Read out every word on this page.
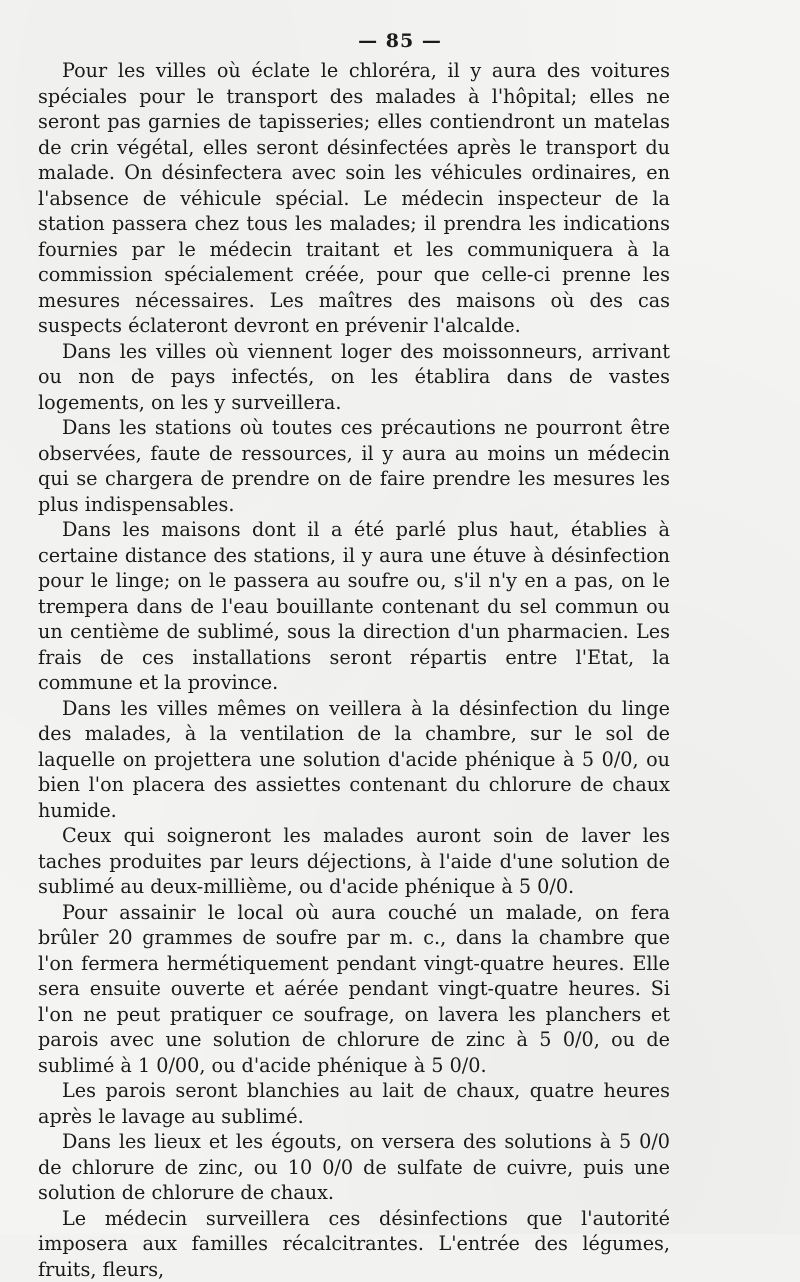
— 85 —

Pour les villes où éclate le chloréra, il y aura des voitures spéciales pour le transport des malades à l'hôpital; elles ne seront pas garnies de tapisseries; elles contiendront un matelas de crin végétal, elles seront désinfectées après le transport du malade. On désinfectera avec soin les véhicules ordinaires, en l'absence de véhicule spécial. Le médecin inspecteur de la station passera chez tous les malades; il prendra les indications fournies par le médecin traitant et les communiquera à la commission spécialement créée, pour que celle-ci prenne les mesures nécessaires. Les maîtres des maisons où des cas suspects éclateront devront en prévenir l'alcalde.

Dans les villes où viennent loger des moissonneurs, arrivant ou non de pays infectés, on les établira dans de vastes logements, on les y surveillera.

Dans les stations où toutes ces précautions ne pourront être observées, faute de ressources, il y aura au moins un médecin qui se chargera de prendre on de faire prendre les mesures les plus indispensables.

Dans les maisons dont il a été parlé plus haut, établies à certaine distance des stations, il y aura une étuve à désinfection pour le linge; on le passera au soufre ou, s'il n'y en a pas, on le trempera dans de l'eau bouillante contenant du sel commun ou un centième de sublimé, sous la direction d'un pharmacien. Les frais de ces installations seront répartis entre l'Etat, la commune et la province.

Dans les villes mêmes on veillera à la désinfection du linge des malades, à la ventilation de la chambre, sur le sol de laquelle on projettera une solution d'acide phénique à 5 0/0, ou bien l'on placera des assiettes contenant du chlorure de chaux humide.

Ceux qui soigneront les malades auront soin de laver les taches produites par leurs déjections, à l'aide d'une solution de sublimé au deux-millième, ou d'acide phénique à 5 0/0.

Pour assainir le local où aura couché un malade, on fera brûler 20 grammes de soufre par m. c., dans la chambre que l'on fermera hermétiquement pendant vingt-quatre heures. Elle sera ensuite ouverte et aérée pendant vingt-quatre heures. Si l'on ne peut pratiquer ce soufrage, on lavera les planchers et parois avec une solution de chlorure de zinc à 5 0/0, ou de sublimé à 1 0/00, ou d'acide phénique à 5 0/0.

Les parois seront blanchies au lait de chaux, quatre heures après le lavage au sublimé.

Dans les lieux et les égouts, on versera des solutions à 5 0/0 de chlorure de zinc, ou 10 0/0 de sulfate de cuivre, puis une solution de chlorure de chaux.

Le médecin surveillera ces désinfections que l'autorité imposera aux familles récalcitrantes. L'entrée des légumes, fruits, fleurs,
